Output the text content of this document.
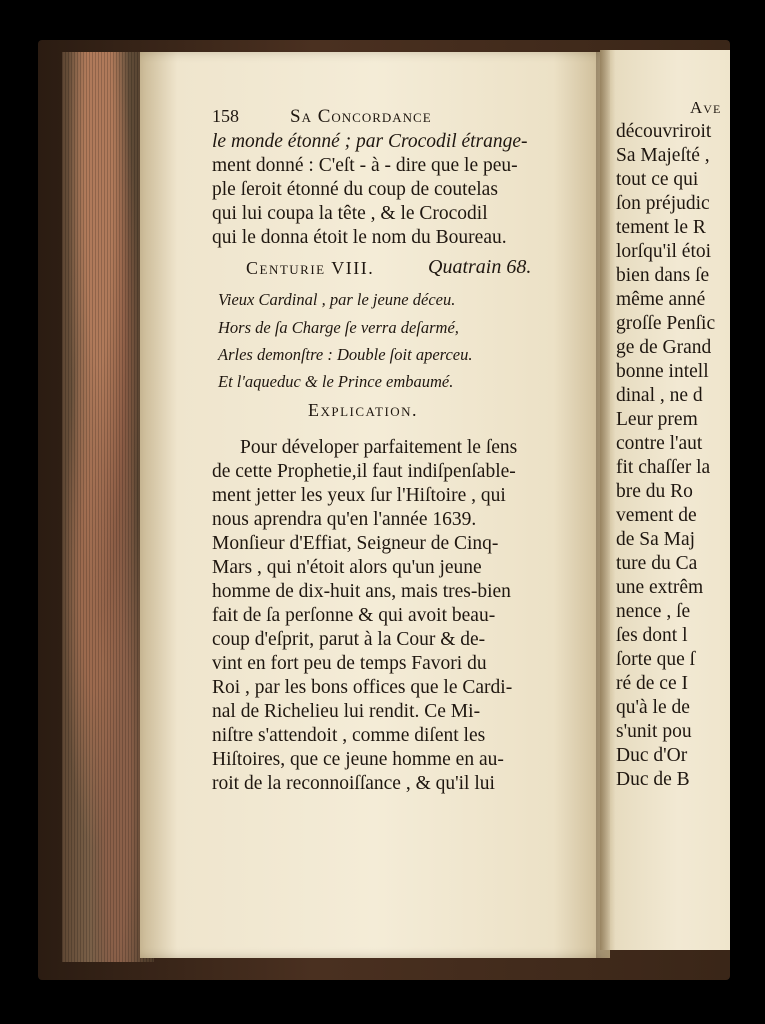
158	Sa Concordance
le monde étonné ; par Crocodil étrange-
ment donné : C'eſt - à - dire que le peu-
ple ſeroit étonné du coup de coutelas
qui lui coupa la tête , & le Crocodil
qui le donna étoit le nom du Boureau.
Centurie VIII.	Quatrain 68.
Vieux Cardinal , par le jeune déceu.
Hors de ſa Charge ſe verra deſarmé,
Arles demonſtre : Double ſoit aperceu.
Et l'aqueduc & le Prince embaumé.
Explication.
Pour déveloper parfaitement le ſens
de cette Prophetie,il faut indiſpenſable-
ment jetter les yeux ſur l'Hiſtoire , qui
nous aprendra qu'en l'année 1639.
Monſieur d'Effiat, Seigneur de Cinq-
Mars , qui n'étoit alors qu'un jeune
homme de dix-huit ans, mais tres-bien
fait de ſa perſonne & qui avoit beau-
coup d'eſprit, parut à la Cour & de-
vint en fort peu de temps Favori du
Roi , par les bons offices que le Cardi-
nal de Richelieu lui rendit. Ce Mi-
niſtre s'attendoit , comme diſent les
Hiſtoires, que ce jeune homme en au-
roit de la reconnoiſſance , & qu'il lui
Ave
découvriroit
Sa Majeſté ,
tout ce qui
ſon préjudic
tement le R
lorſqu'il étoi
bien dans ſe
même anné
groſſe Penſic
ge de Grand
bonne intell
dinal , ne d
Leur prem
contre l'aut
fit chaſſer la
bre du Ro
vement de
de Sa Maj
ture du Ca
une extrêm
nence , ſe
ſes dont l
ſorte que ſ
ré de ce I
qu'à le de
s'unit pou
Duc d'Or
Duc de B
